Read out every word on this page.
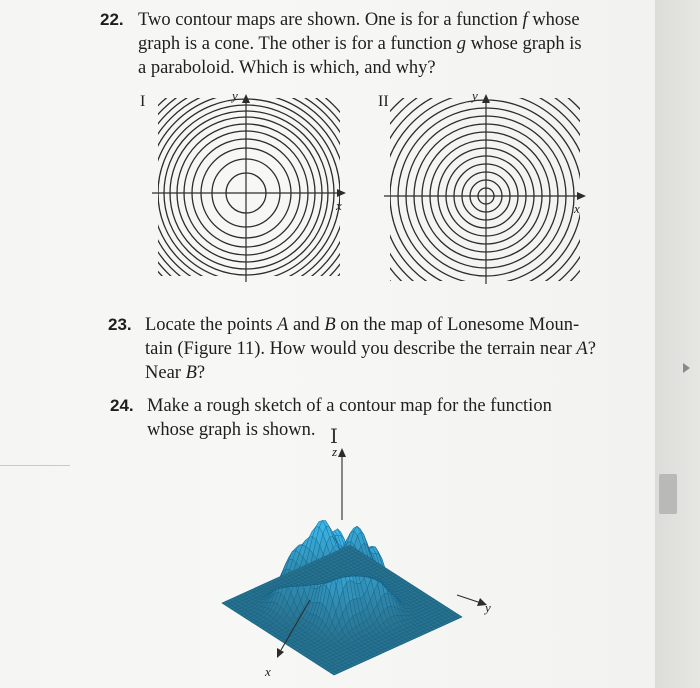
22. Two contour maps are shown. One is for a function f whose
graph is a cone. The other is for a function g whose graph is
a paraboloid. Which is which, and why?
I
x
y	II
x
y
23. Locate the points A and B on the map of Lonesome Moun-
tain (Figure 11). How would you describe the terrain near A?
Near B?
24. Make a rough sketch of a contour map for the function
whose graph is shown. I
z
y
x
